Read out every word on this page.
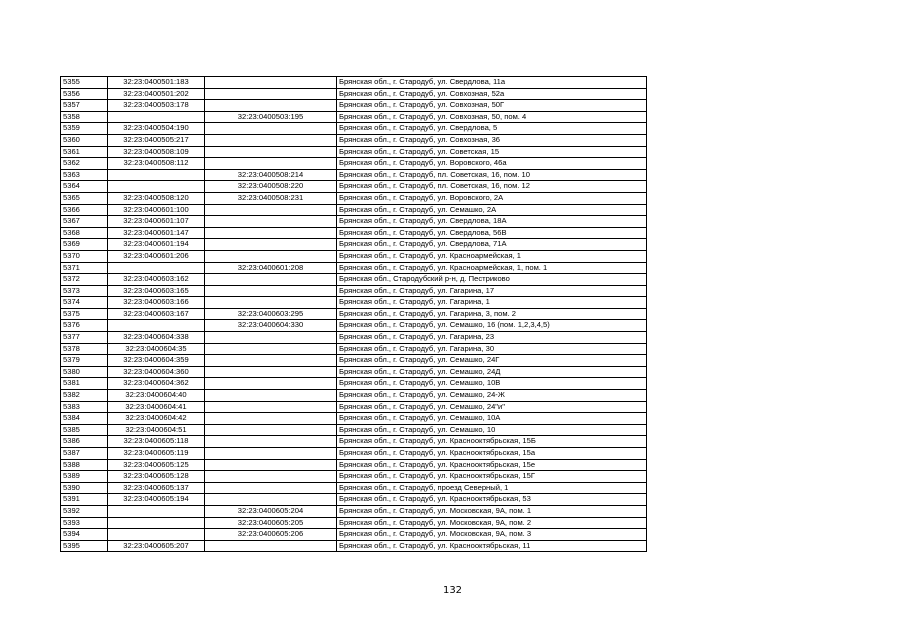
5355	32:23:0400501:183		Брянская обл., г. Стародуб, ул. Свердлова, 11а
5356	32:23:0400501:202		Брянская обл., г. Стародуб, ул. Совхозная, 52а
5357	32:23:0400503:178		Брянская обл., г. Стародуб, ул. Совхозная, 50Г
5358		32:23:0400503:195	Брянская обл., г. Стародуб, ул. Совхозная, 50, пом. 4
5359	32:23:0400504:190		Брянская обл., г. Стародуб, ул. Свердлова, 5
5360	32:23:0400505:217		Брянская обл., г. Стародуб, ул. Совхозная, 36
5361	32:23:0400508:109		Брянская обл., г. Стародуб, ул. Советская, 15
5362	32:23:0400508:112		Брянская обл., г. Стародуб, ул. Воровского, 46а
5363		32:23:0400508:214	Брянская обл., г. Стародуб, пл. Советская, 16, пом. 10
5364		32:23:0400508:220	Брянская обл., г. Стародуб, пл. Советская, 16, пом. 12
5365	32:23:0400508:120	32:23:0400508:231	Брянская обл., г. Стародуб, ул. Воровского, 2А
5366	32:23:0400601:100		Брянская обл., г. Стародуб, ул. Семашко, 2А
5367	32:23:0400601:107		Брянская обл., г. Стародуб, ул. Свердлова, 18А
5368	32:23:0400601:147		Брянская обл., г. Стародуб, ул. Свердлова, 56В
5369	32:23:0400601:194		Брянская обл., г. Стародуб, ул. Свердлова, 71А
5370	32:23:0400601:206		Брянская обл., г. Стародуб, ул. Красноармейская, 1
5371		32:23:0400601:208	Брянская обл., г. Стародуб, ул. Красноармейская, 1, пом. 1
5372	32:23:0400603:162		Брянская обл., Стародубский р-н, д. Пестриково
5373	32:23:0400603:165		Брянская обл., г. Стародуб, ул. Гагарина, 17
5374	32:23:0400603:166		Брянская обл., г. Стародуб, ул. Гагарина, 1
5375	32:23:0400603:167	32:23:0400603:295	Брянская обл., г. Стародуб, ул. Гагарина, 3, пом. 2
5376		32:23:0400604:330	Брянская обл., г. Стародуб, ул. Семашко, 16 (пом. 1,2,3,4,5)
5377	32:23:0400604:338		Брянская обл., г. Стародуб, ул. Гагарина, 23
5378	32:23:0400604:35		Брянская обл., г. Стародуб, ул. Гагарина, 30
5379	32:23:0400604:359		Брянская обл., г. Стародуб, ул. Семашко, 24Г
5380	32:23:0400604:360		Брянская обл., г. Стародуб, ул. Семашко, 24Д
5381	32:23:0400604:362		Брянская обл., г. Стародуб, ул. Семашко, 10В
5382	32:23:0400604:40		Брянская обл., г. Стародуб, ул. Семашко, 24-Ж
5383	32:23:0400604:41		Брянская обл., г. Стародуб, ул. Семашко, 24"и"
5384	32:23:0400604:42		Брянская обл., г. Стародуб, ул. Семашко, 10А
5385	32:23:0400604:51		Брянская обл., г. Стародуб, ул. Семашко, 10
5386	32:23:0400605:118		Брянская обл., г. Стародуб, ул. Краснооктябрьская, 15Б
5387	32:23:0400605:119		Брянская обл., г. Стародуб, ул. Краснооктябрьская, 15а
5388	32:23:0400605:125		Брянская обл., г. Стародуб, ул. Краснооктябрьская, 15е
5389	32:23:0400605:128		Брянская обл., г. Стародуб, ул. Краснооктябрьская, 15Г
5390	32:23:0400605:137		Брянская обл., г. Стародуб, проезд Северный, 1
5391	32:23:0400605:194		Брянская обл., г. Стародуб, ул. Краснооктябрьская, 53
5392		32:23:0400605:204	Брянская обл., г. Стародуб, ул. Московская, 9А, пом. 1
5393		32:23:0400605:205	Брянская обл., г. Стародуб, ул. Московская, 9А, пом. 2
5394		32:23:0400605:206	Брянская обл., г. Стародуб, ул. Московская, 9А, пом. 3
5395	32:23:0400605:207		Брянская обл., г. Стародуб, ул. Краснооктябрьская, 11
132
